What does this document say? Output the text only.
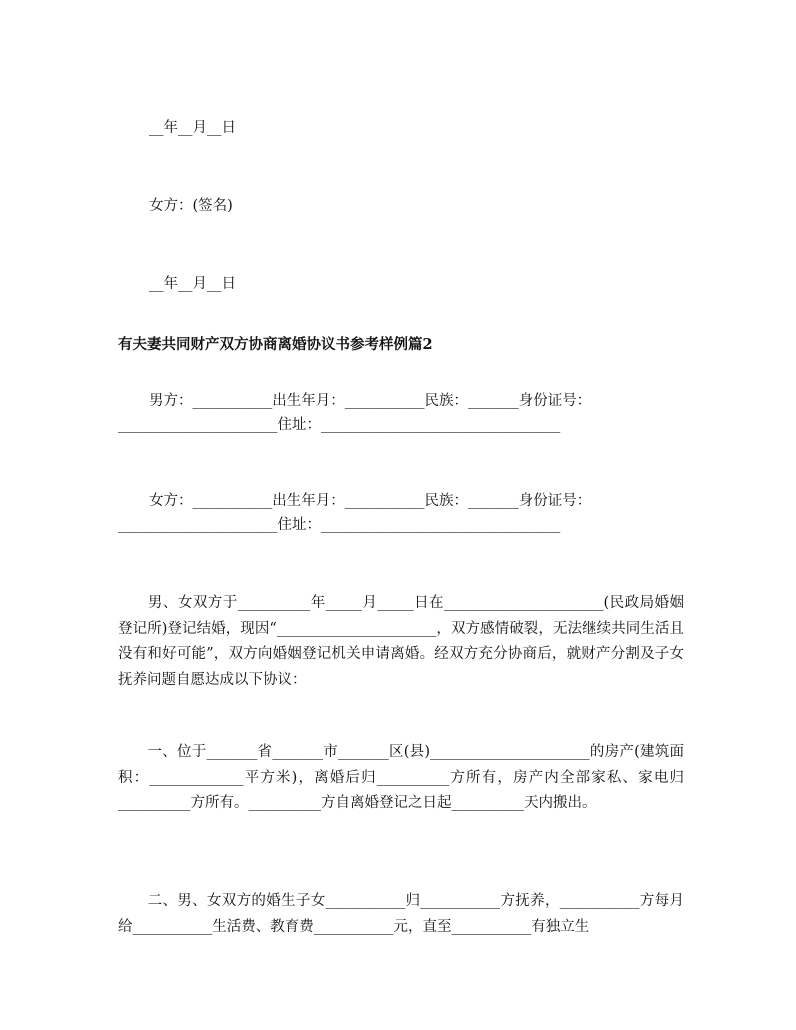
__年__月__日
女方：(签名)
__年__月__日
有夫妻共同财产双方协商离婚协议书参考样例篇2
男方：___________出生年月：___________民族：_______身份证号：
______________________住址：_________________________________
女方：___________出生年月：___________民族：_______身份证号：
______________________住址：_________________________________

　　男、女双方于__________年_____月_____日在______________________(民政局婚姻登记所)登记结婚，现因“______________________，双方感情破裂，无法继续共同生活且没有和好可能”，双方向婚姻登记机关申请离婚。经双方充分协商后，就财产分割及子女抚养问题自愿达成以下协议：

　　一、位于_______省_______市_______区(县)______________________的房产(建筑面积：_____________平方米)，离婚后归__________方所有，房产内全部家私、家电归__________方所有。__________方自离婚登记之日起__________天内搬出。

　　二、男、女双方的婚生子女___________归___________方抚养，___________方每月给___________生活费、教育费___________元，直至___________有独立生
